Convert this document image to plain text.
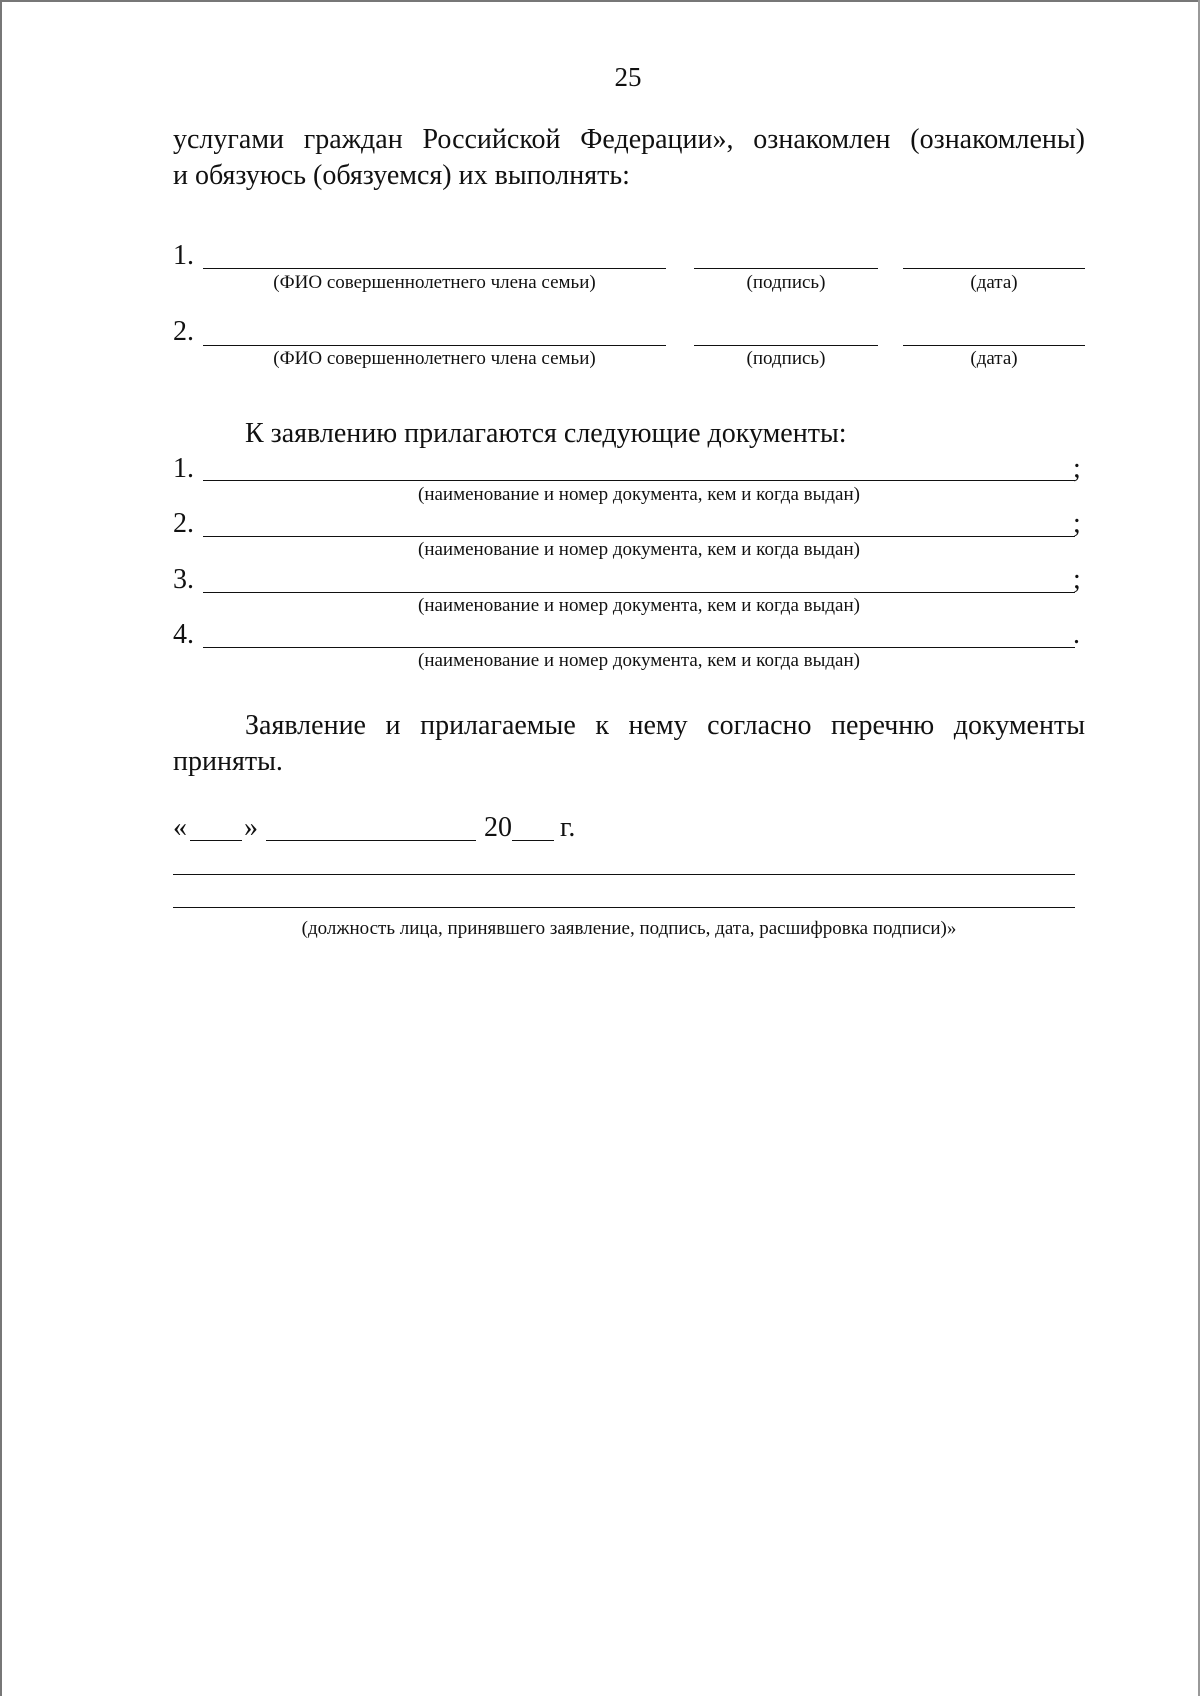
25
услугами граждан Российской Федерации», ознакомлен (ознакомлены)
и обязуюсь (обязуемся) их выполнять:
1.
(ФИО совершеннолетнего члена семьи)	(подпись)	(дата)
2.
(ФИО совершеннолетнего члена семьи)	(подпись)	(дата)
К заявлению прилагаются следующие документы:
1.	;
(наименование и номер документа, кем и когда выдан)
2.	;
(наименование и номер документа, кем и когда выдан)
3.	;
(наименование и номер документа, кем и когда выдан)
4.	.
(наименование и номер документа, кем и когда выдан)
Заявление и прилагаемые к нему согласно перечню документы
приняты.
« »	20 г.
(должность лица, принявшего заявление, подпись, дата, расшифровка подписи)»
